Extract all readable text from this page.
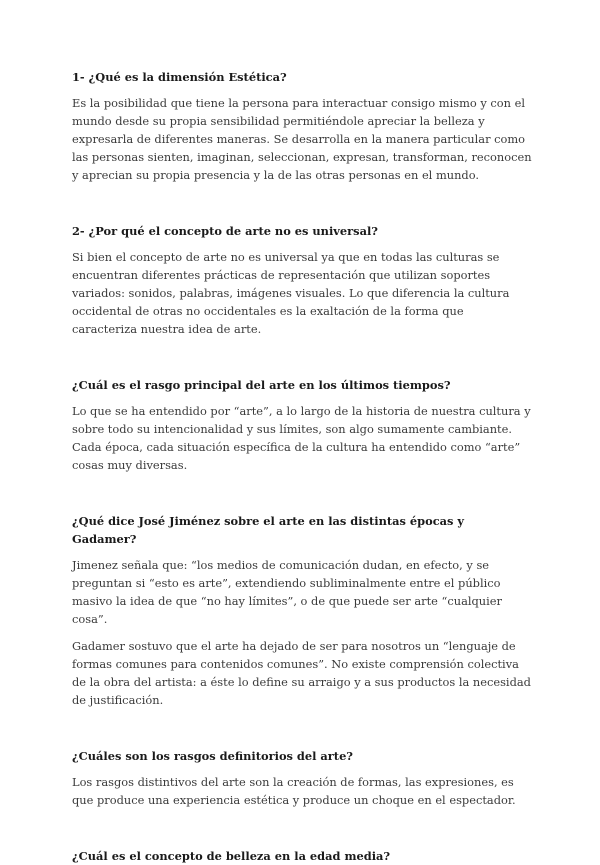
1- ¿Qué es la dimensión Estética?

Es la posibilidad que tiene la persona para interactuar consigo mismo y con el mundo desde su propia sensibilidad permitiéndole apreciar la belleza y expresarla de diferentes maneras. Se desarrolla en la manera particular como las personas sienten, imaginan, seleccionan, expresan, transforman, reconocen y aprecian su propia presencia y la de las otras personas en el mundo.

2- ¿Por qué el concepto de arte no es universal?

Si bien el concepto de arte no es universal ya que en todas las culturas se encuentran diferentes prácticas de representación que utilizan soportes variados: sonidos, palabras, imágenes visuales. Lo que diferencia la cultura occidental de otras no occidentales es la exaltación de la forma que caracteriza nuestra idea de arte.

¿Cuál es el rasgo principal del arte en los últimos tiempos?

Lo que se ha entendido por “arte”, a lo largo de la historia de nuestra cultura y sobre todo su intencionalidad y sus límites, son algo sumamente cambiante. Cada época, cada situación específica de la cultura ha entendido como “arte” cosas muy diversas.

¿Qué dice José Jiménez sobre el arte en las distintas épocas y Gadamer?

Jimenez señala que: “los medios de comunicación dudan, en efecto, y se preguntan si “esto es arte”, extendiendo subliminalmente entre el público masivo la idea de que “no hay límites”, o de que puede ser arte “cualquier cosa”.

Gadamer sostuvo que el arte ha dejado de ser para nosotros un “lenguaje de formas comunes para contenidos comunes”. No existe comprensión colectiva de la obra del artista: a éste lo define su arraigo y a sus productos la necesidad de justificación.

¿Cuáles son los rasgos definitorios del arte?

Los rasgos distintivos del arte son la creación de formas, las expresiones, es que produce una experiencia estética y produce un choque en el espectador.

¿Cuál es el concepto de belleza en la edad media?
